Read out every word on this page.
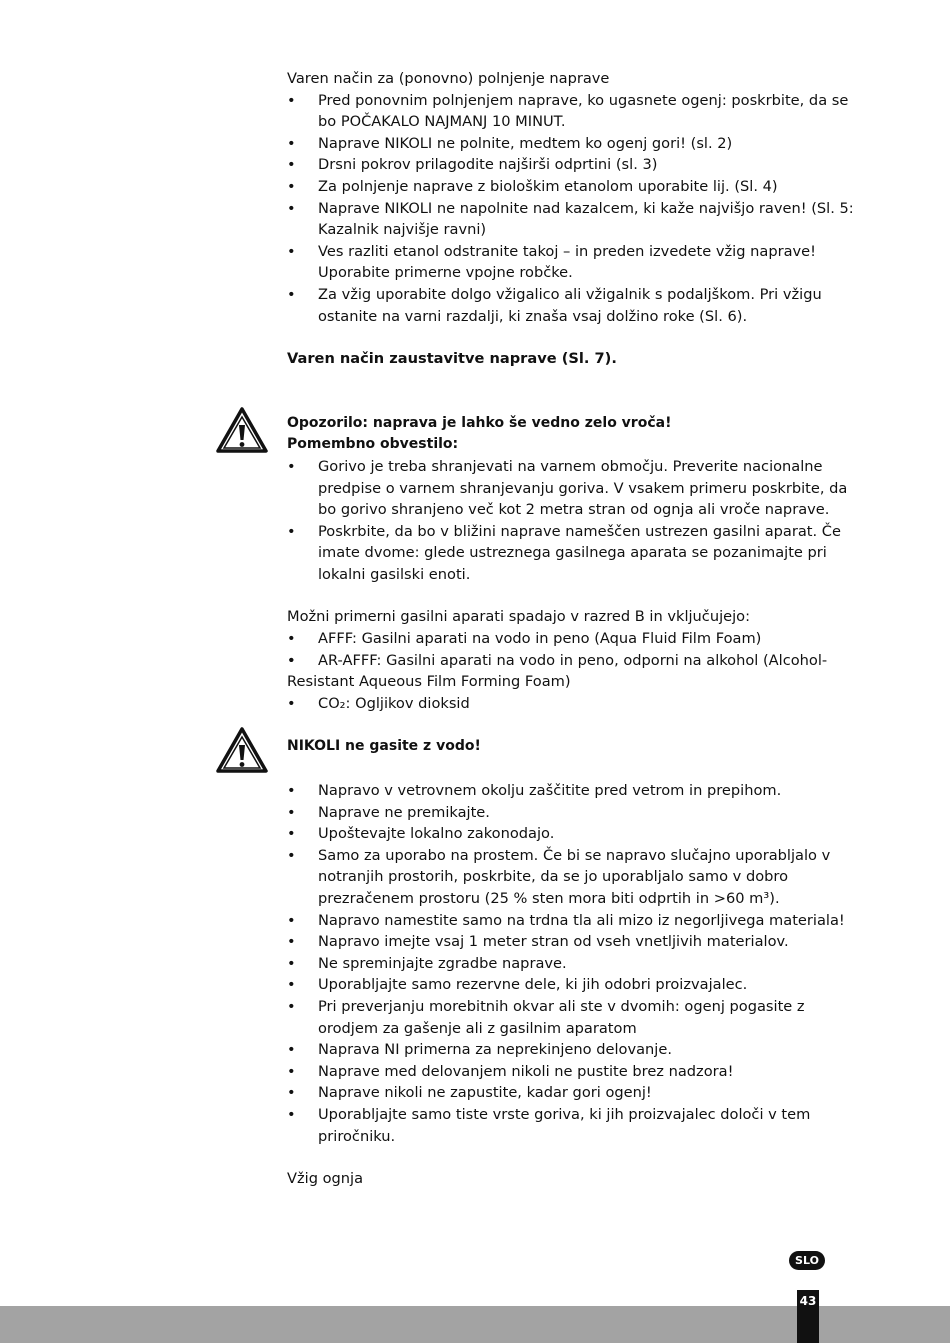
Varen način za (ponovno) polnjenje naprave

• Pred ponovnim polnjenjem naprave, ko ugasnete ogenj: poskrbite, da se bo POČAKALO NAJMANJ 10 MINUT.
• Naprave NIKOLI ne polnite, medtem ko ogenj gori! (sl. 2)
• Drsni pokrov prilagodite najširši odprtini (sl. 3)
• Za polnjenje naprave z biološkim etanolom uporabite lij. (Sl. 4)
• Naprave NIKOLI ne napolnite nad kazalcem, ki kaže najvišjo raven! (Sl. 5: Kazalnik najvišje ravni)
• Ves razliti etanol odstranite takoj – in preden izvedete vžig naprave! Uporabite primerne vpojne robčke.
• Za vžig uporabite dolgo vžigalico ali vžigalnik s podaljškom. Pri vžigu ostanite na varni razdalji, ki znaša vsaj dolžino roke (Sl. 6).

Varen način zaustavitve naprave (Sl. 7).

Opozorilo: naprava je lahko še vedno zelo vroča!

Pomembno obvestilo:

• Gorivo je treba shranjevati na varnem območju. Preverite nacionalne predpise o varnem shranjevanju goriva. V vsakem primeru poskrbite, da bo gorivo shranjeno več kot 2 metra stran od ognja ali vroče naprave.
• Poskrbite, da bo v bližini naprave nameščen ustrezen gasilni aparat. Če imate dvome: glede ustreznega gasilnega aparata se pozanimajte pri lokalni gasilski enoti.

Možni primerni gasilni aparati spadajo v razred B in vključujejo:

• AFFF: Gasilni aparati na vodo in peno (Aqua Fluid Film Foam)
• • AR-AFFF: Gasilni aparati na vodo in peno, odporni na alkohol (Alcohol-Resistant Aqueous Film Forming Foam)
• CO₂: Ogljikov dioksid

NIKOLI ne gasite z vodo!

• Napravo v vetrovnem okolju zaščitite pred vetrom in prepihom.
• Naprave ne premikajte.
• Upoštevajte lokalno zakonodajo.
• Samo za uporabo na prostem. Če bi se napravo slučajno uporabljalo v notranjih prostorih, poskrbite, da se jo uporabljalo samo v dobro prezračenem prostoru (25 % sten mora biti odprtih in >60 m³).
• Napravo namestite samo na trdna tla ali mizo iz negorljivega materiala!
• Napravo imejte vsaj 1 meter stran od vseh vnetljivih materialov.
• Ne spreminjajte zgradbe naprave.
• Uporabljajte samo rezervne dele, ki jih odobri proizvajalec.
• Pri preverjanju morebitnih okvar ali ste v dvomih: ogenj pogasite z orodjem za gašenje ali z gasilnim aparatom
• Naprava NI primerna za neprekinjeno delovanje.
• Naprave med delovanjem nikoli ne pustite brez nadzora!
• Naprave nikoli ne zapustite, kadar gori ogenj!
• Uporabljajte samo tiste vrste goriva, ki jih proizvajalec določi v tem priročniku.

Vžig ognja

SLO
43
